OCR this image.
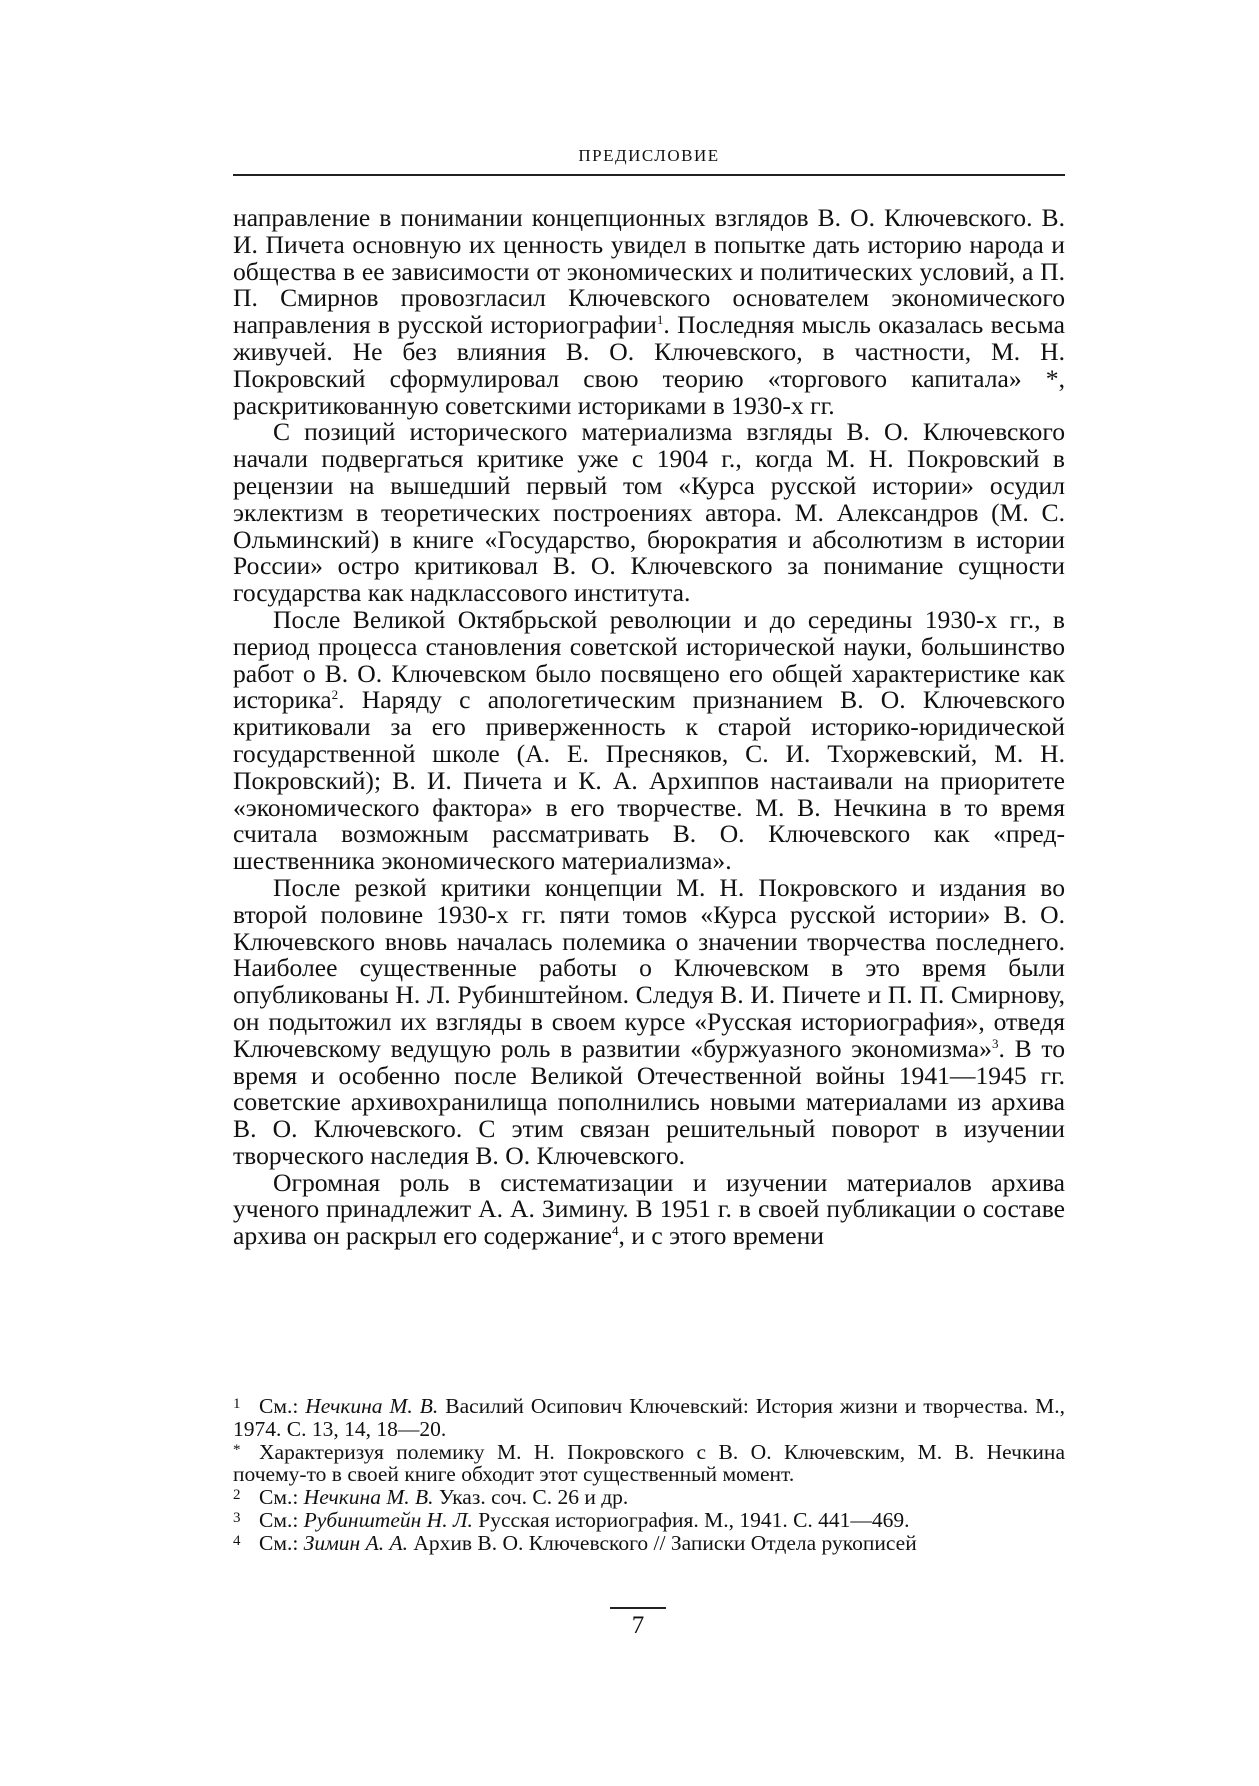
ПРЕДИСЛОВИЕ

направление в понимании концепционных взглядов В. О. Ключевского. В. И. Пичета основную их ценность увидел в попытке дать историю народа и общества в ее зависимости от экономических и политических условий, а П. П. Смирнов провозгласил Ключевского основателем экономического направления в русской историографии$^1$. Последняя мысль оказалась весьма живучей. Не без влияния В. О. Ключевского, в частности, М. Н. Покровский сформулировал свою теорию «торгового капитала» *, раскритикованную советскими историками в 1930-х гг.

С позиций исторического материализма взгляды В. О. Ключевского начали подвергаться критике уже с 1904 г., когда М. Н. Покровский в рецензии на вышедший первый том «Курса русской истории» осудил эклектизм в теоретических построениях автора. М. Александров (М. С. Ольминский) в книге «Государство, бюрократия и абсолютизм в истории России» остро критиковал В. О. Ключевского за понимание сущности государства как надклассового института.

После Великой Октябрьской революции и до середины 1930-х гг., в период процесса становления советской исторической науки, большинство работ о В. О. Ключевском было посвящено его общей характеристике как историка$^2$. Наряду с апологетическим признанием В. О. Ключевского критиковали за его приверженность к старой историко-юридической государственной школе (А. Е. Пресняков, С. И. Тхоржевский, М. Н. Покровский); В. И. Пичета и К. А. Архиппов настаивали на приоритете «экономического фактора» в его творчестве. М. В. Нечкина в то время считала возможным рассматривать В. О. Ключевского как «предшественника экономического материализма».

После резкой критики концепции М. Н. Покровского и издания во второй половине 1930-х гг. пяти томов «Курса русской истории» В. О. Ключевского вновь началась полемика о значении творчества последнего. Наиболее существенные работы о Ключевском в это время были опубликованы Н. Л. Рубинштейном. Следуя В. И. Пичете и П. П. Смирнову, он подытожил их взгляды в своем курсе «Русская историография», отведя Ключевскому ведущую роль в развитии «буржуазного экономизма»$^3$. В то время и особенно после Великой Отечественной войны 1941—1945 гг. советские архивохранилища пополнились новыми материалами из архива В. О. Ключевского. С этим связан решительный поворот в изучении творческого наследия В. О. Ключевского.

Огромная роль в систематизации и изучении материалов архива ученого принадлежит А. А. Зимину. В 1951 г. в своей публикации о составе архива он раскрыл его содержание$^4$, и с этого времени

1 См.: Нечкина М. В. Василий Осипович Ключевский: История жизни и творчества. М., 1974. С. 13, 14, 18—20.

* Характеризуя полемику М. Н. Покровского с В. О. Ключевским, М. В. Нечкина почему-то в своей книге обходит этот существенный момент.

2 См.: Нечкина М. В. Указ. соч. С. 26 и др.

3 См.: Рубинштейн Н. Л. Русская историография. М., 1941. С. 441—469.

4 См.: Зимин А. А. Архив В. О. Ключевского // Записки Отдела рукописей

7
